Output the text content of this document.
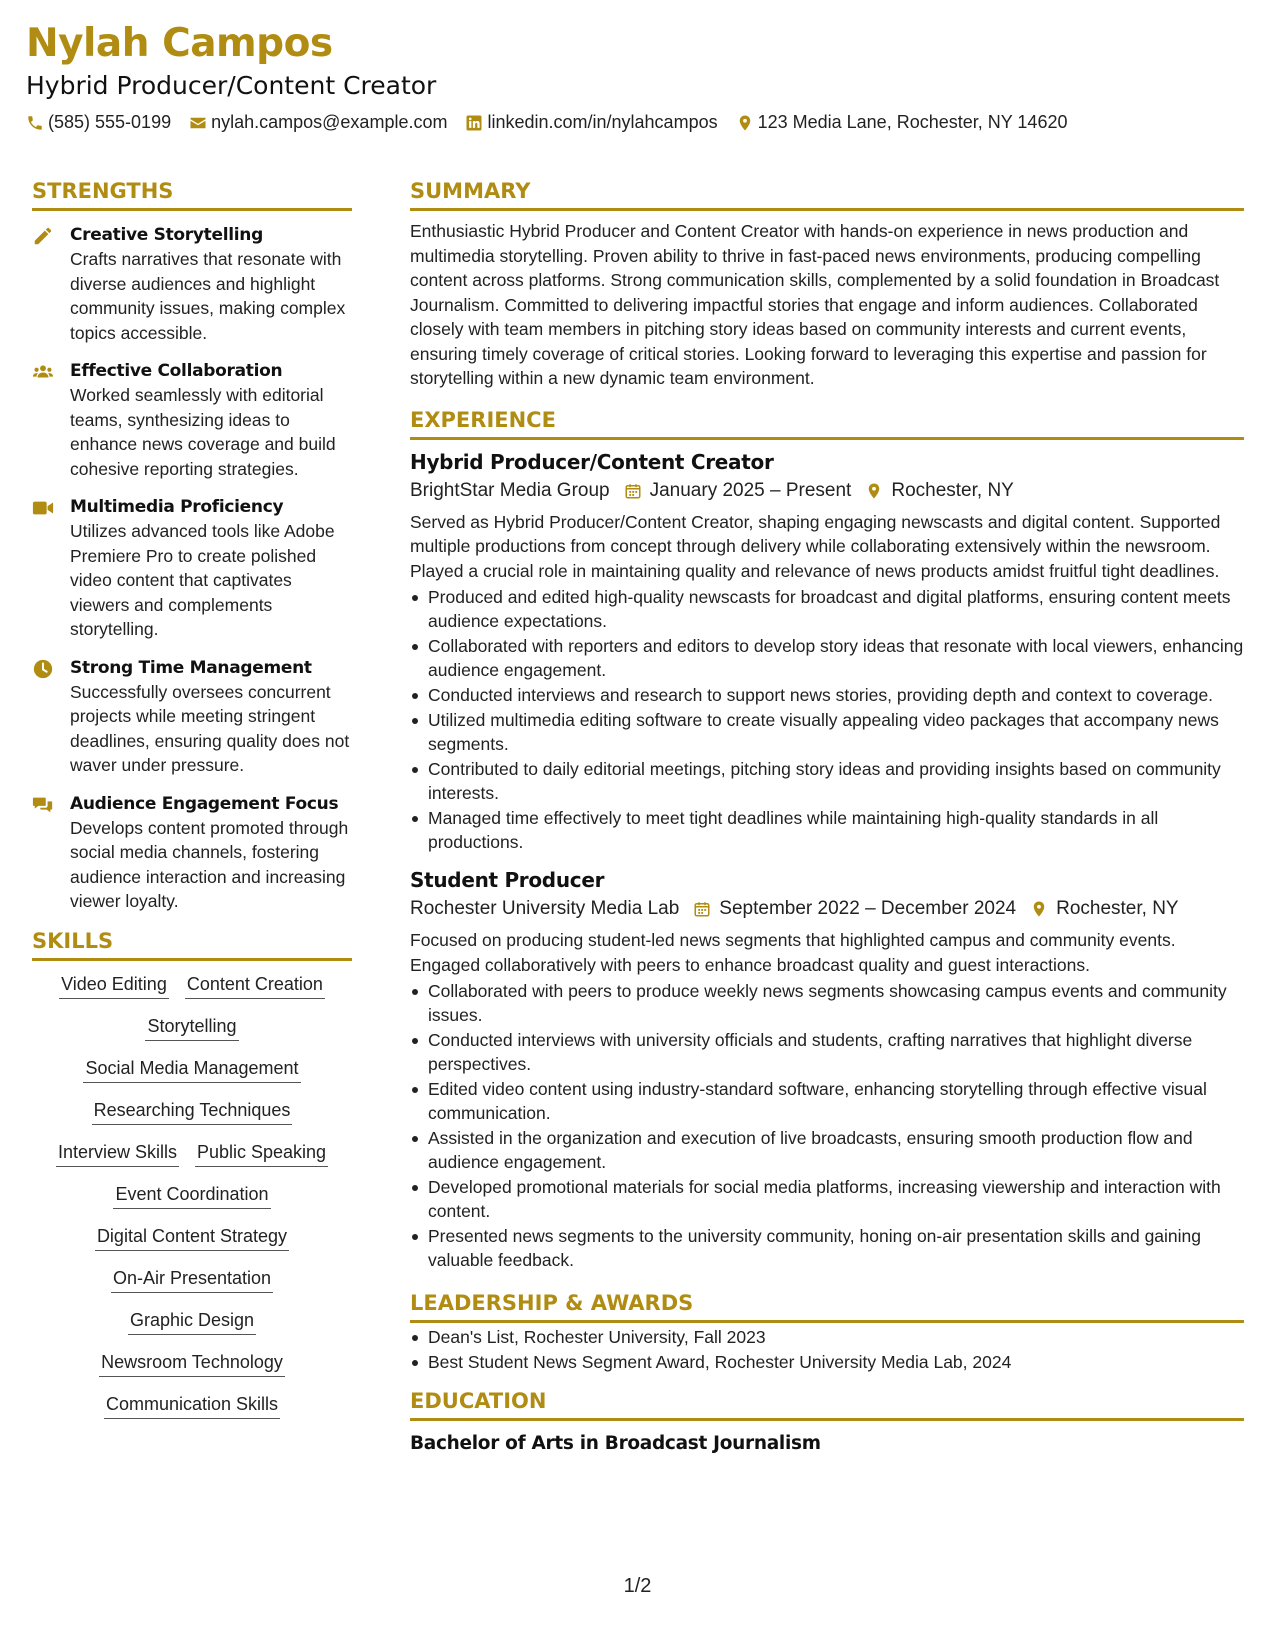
Nylah Campos
Hybrid Producer/Content Creator
(585) 555-0199 nylah.campos@example.com linkedin.com/in/nylahcampos 123 Media Lane, Rochester, NY 14620
STRENGTHS
Creative Storytelling
Crafts narratives that resonate with diverse audiences and highlight community issues, making complex topics accessible.
Effective Collaboration
Worked seamlessly with editorial teams, synthesizing ideas to enhance news coverage and build cohesive reporting strategies.
Multimedia Proficiency
Utilizes advanced tools like Adobe Premiere Pro to create polished video content that captivates viewers and complements storytelling.
Strong Time Management
Successfully oversees concurrent projects while meeting stringent deadlines, ensuring quality does not waver under pressure.
Audience Engagement Focus
Develops content promoted through social media channels, fostering audience interaction and increasing viewer loyalty.
SKILLS
Video Editing Content Creation
Storytelling
Social Media Management
Researching Techniques
Interview Skills Public Speaking
Event Coordination
Digital Content Strategy
On-Air Presentation
Graphic Design
Newsroom Technology
Communication Skills
SUMMARY
Enthusiastic Hybrid Producer and Content Creator with hands-on experience in news production and multimedia storytelling. Proven ability to thrive in fast-paced news environments, producing compelling content across platforms. Strong communication skills, complemented by a solid foundation in Broadcast Journalism. Committed to delivering impactful stories that engage and inform audiences. Collaborated closely with team members in pitching story ideas based on community interests and current events, ensuring timely coverage of critical stories. Looking forward to leveraging this expertise and passion for storytelling within a new dynamic team environment.
EXPERIENCE
Hybrid Producer/Content Creator
BrightStar Media Group January 2025 – Present Rochester, NY
Served as Hybrid Producer/Content Creator, shaping engaging newscasts and digital content. Supported multiple productions from concept through delivery while collaborating extensively within the newsroom. Played a crucial role in maintaining quality and relevance of news products amidst fruitful tight deadlines.
Produced and edited high-quality newscasts for broadcast and digital platforms, ensuring content meets audience expectations.
Collaborated with reporters and editors to develop story ideas that resonate with local viewers, enhancing audience engagement.
Conducted interviews and research to support news stories, providing depth and context to coverage.
Utilized multimedia editing software to create visually appealing video packages that accompany news segments.
Contributed to daily editorial meetings, pitching story ideas and providing insights based on community interests.
Managed time effectively to meet tight deadlines while maintaining high-quality standards in all productions.
Student Producer
Rochester University Media Lab September 2022 – December 2024 Rochester, NY
Focused on producing student-led news segments that highlighted campus and community events. Engaged collaboratively with peers to enhance broadcast quality and guest interactions.
Collaborated with peers to produce weekly news segments showcasing campus events and community issues.
Conducted interviews with university officials and students, crafting narratives that highlight diverse perspectives.
Edited video content using industry-standard software, enhancing storytelling through effective visual communication.
Assisted in the organization and execution of live broadcasts, ensuring smooth production flow and audience engagement.
Developed promotional materials for social media platforms, increasing viewership and interaction with content.
Presented news segments to the university community, honing on-air presentation skills and gaining valuable feedback.
LEADERSHIP & AWARDS
Dean's List, Rochester University, Fall 2023
Best Student News Segment Award, Rochester University Media Lab, 2024
EDUCATION
Bachelor of Arts in Broadcast Journalism
1/2
